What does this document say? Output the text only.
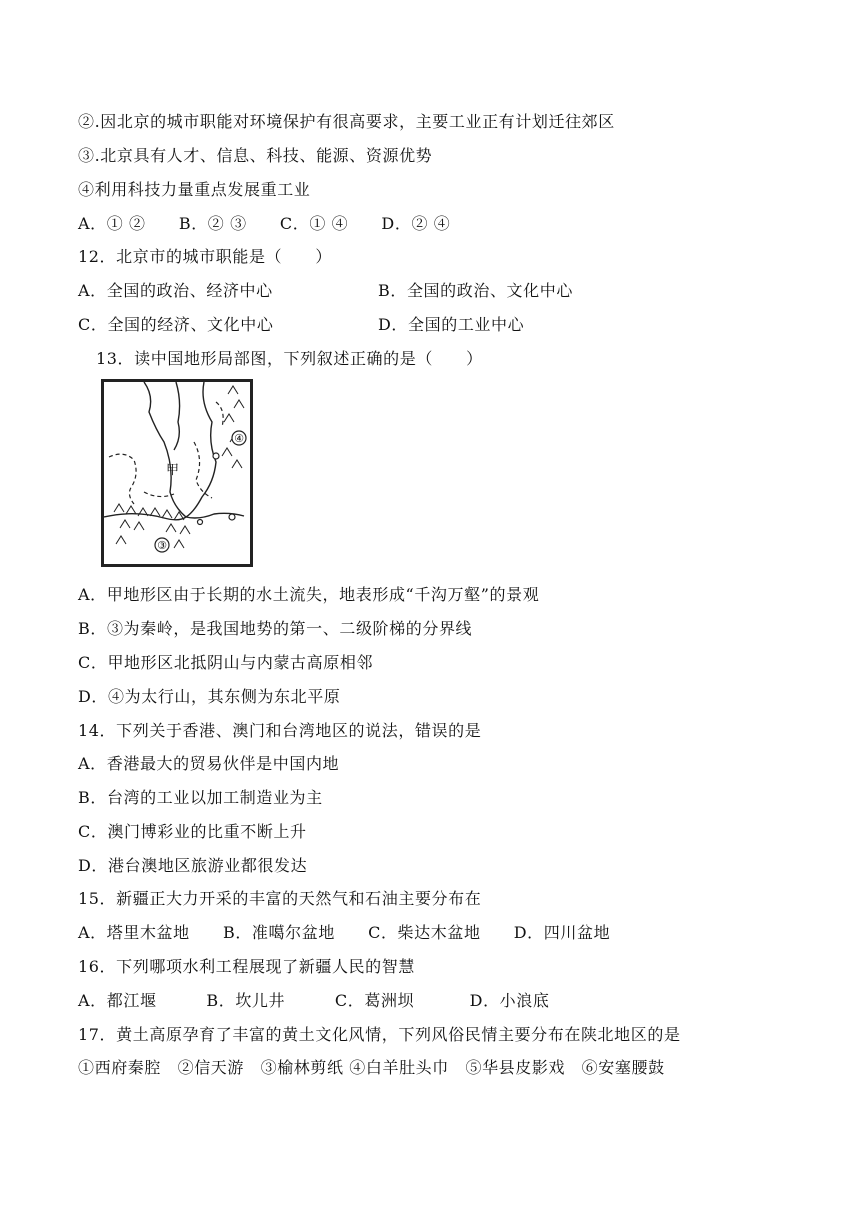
②.因北京的城市职能对环境保护有很高要求，主要工业正有计划迁往郊区
③.北京具有人才、信息、科技、能源、资源优势
④利用科技力量重点发展重工业
A．① ②　　B．② ③　　C．① ④　　D．② ④
12．北京市的城市职能是（　　）
A．全国的政治、经济中心	B．全国的政治、文化中心
C．全国的经济、文化中心	D．全国的工业中心
13．读中国地形局部图，下列叙述正确的是（　　）
甲
③
④
A．甲地形区由于长期的水土流失，地表形成“千沟万壑”的景观
B．③为秦岭，是我国地势的第一、二级阶梯的分界线
C．甲地形区北抵阴山与内蒙古高原相邻
D．④为太行山，其东侧为东北平原
14．下列关于香港、澳门和台湾地区的说法，错误的是
A．香港最大的贸易伙伴是中国内地
B．台湾的工业以加工制造业为主
C．澳门博彩业的比重不断上升
D．港台澳地区旅游业都很发达
15．新疆正大力开采的丰富的天然气和石油主要分布在
A．塔里木盆地　　B．准噶尔盆地　　C．柴达木盆地　　D．四川盆地
16．下列哪项水利工程展现了新疆人民的智慧
A．都江堰　　　B．坎儿井　　　C．葛洲坝　　　 D．小浪底
17．黄土高原孕育了丰富的黄土文化风情，下列风俗民情主要分布在陕北地区的是
①西府秦腔　②信天游　③榆林剪纸 ④白羊肚头巾　⑤华县皮影戏　⑥安塞腰鼓
